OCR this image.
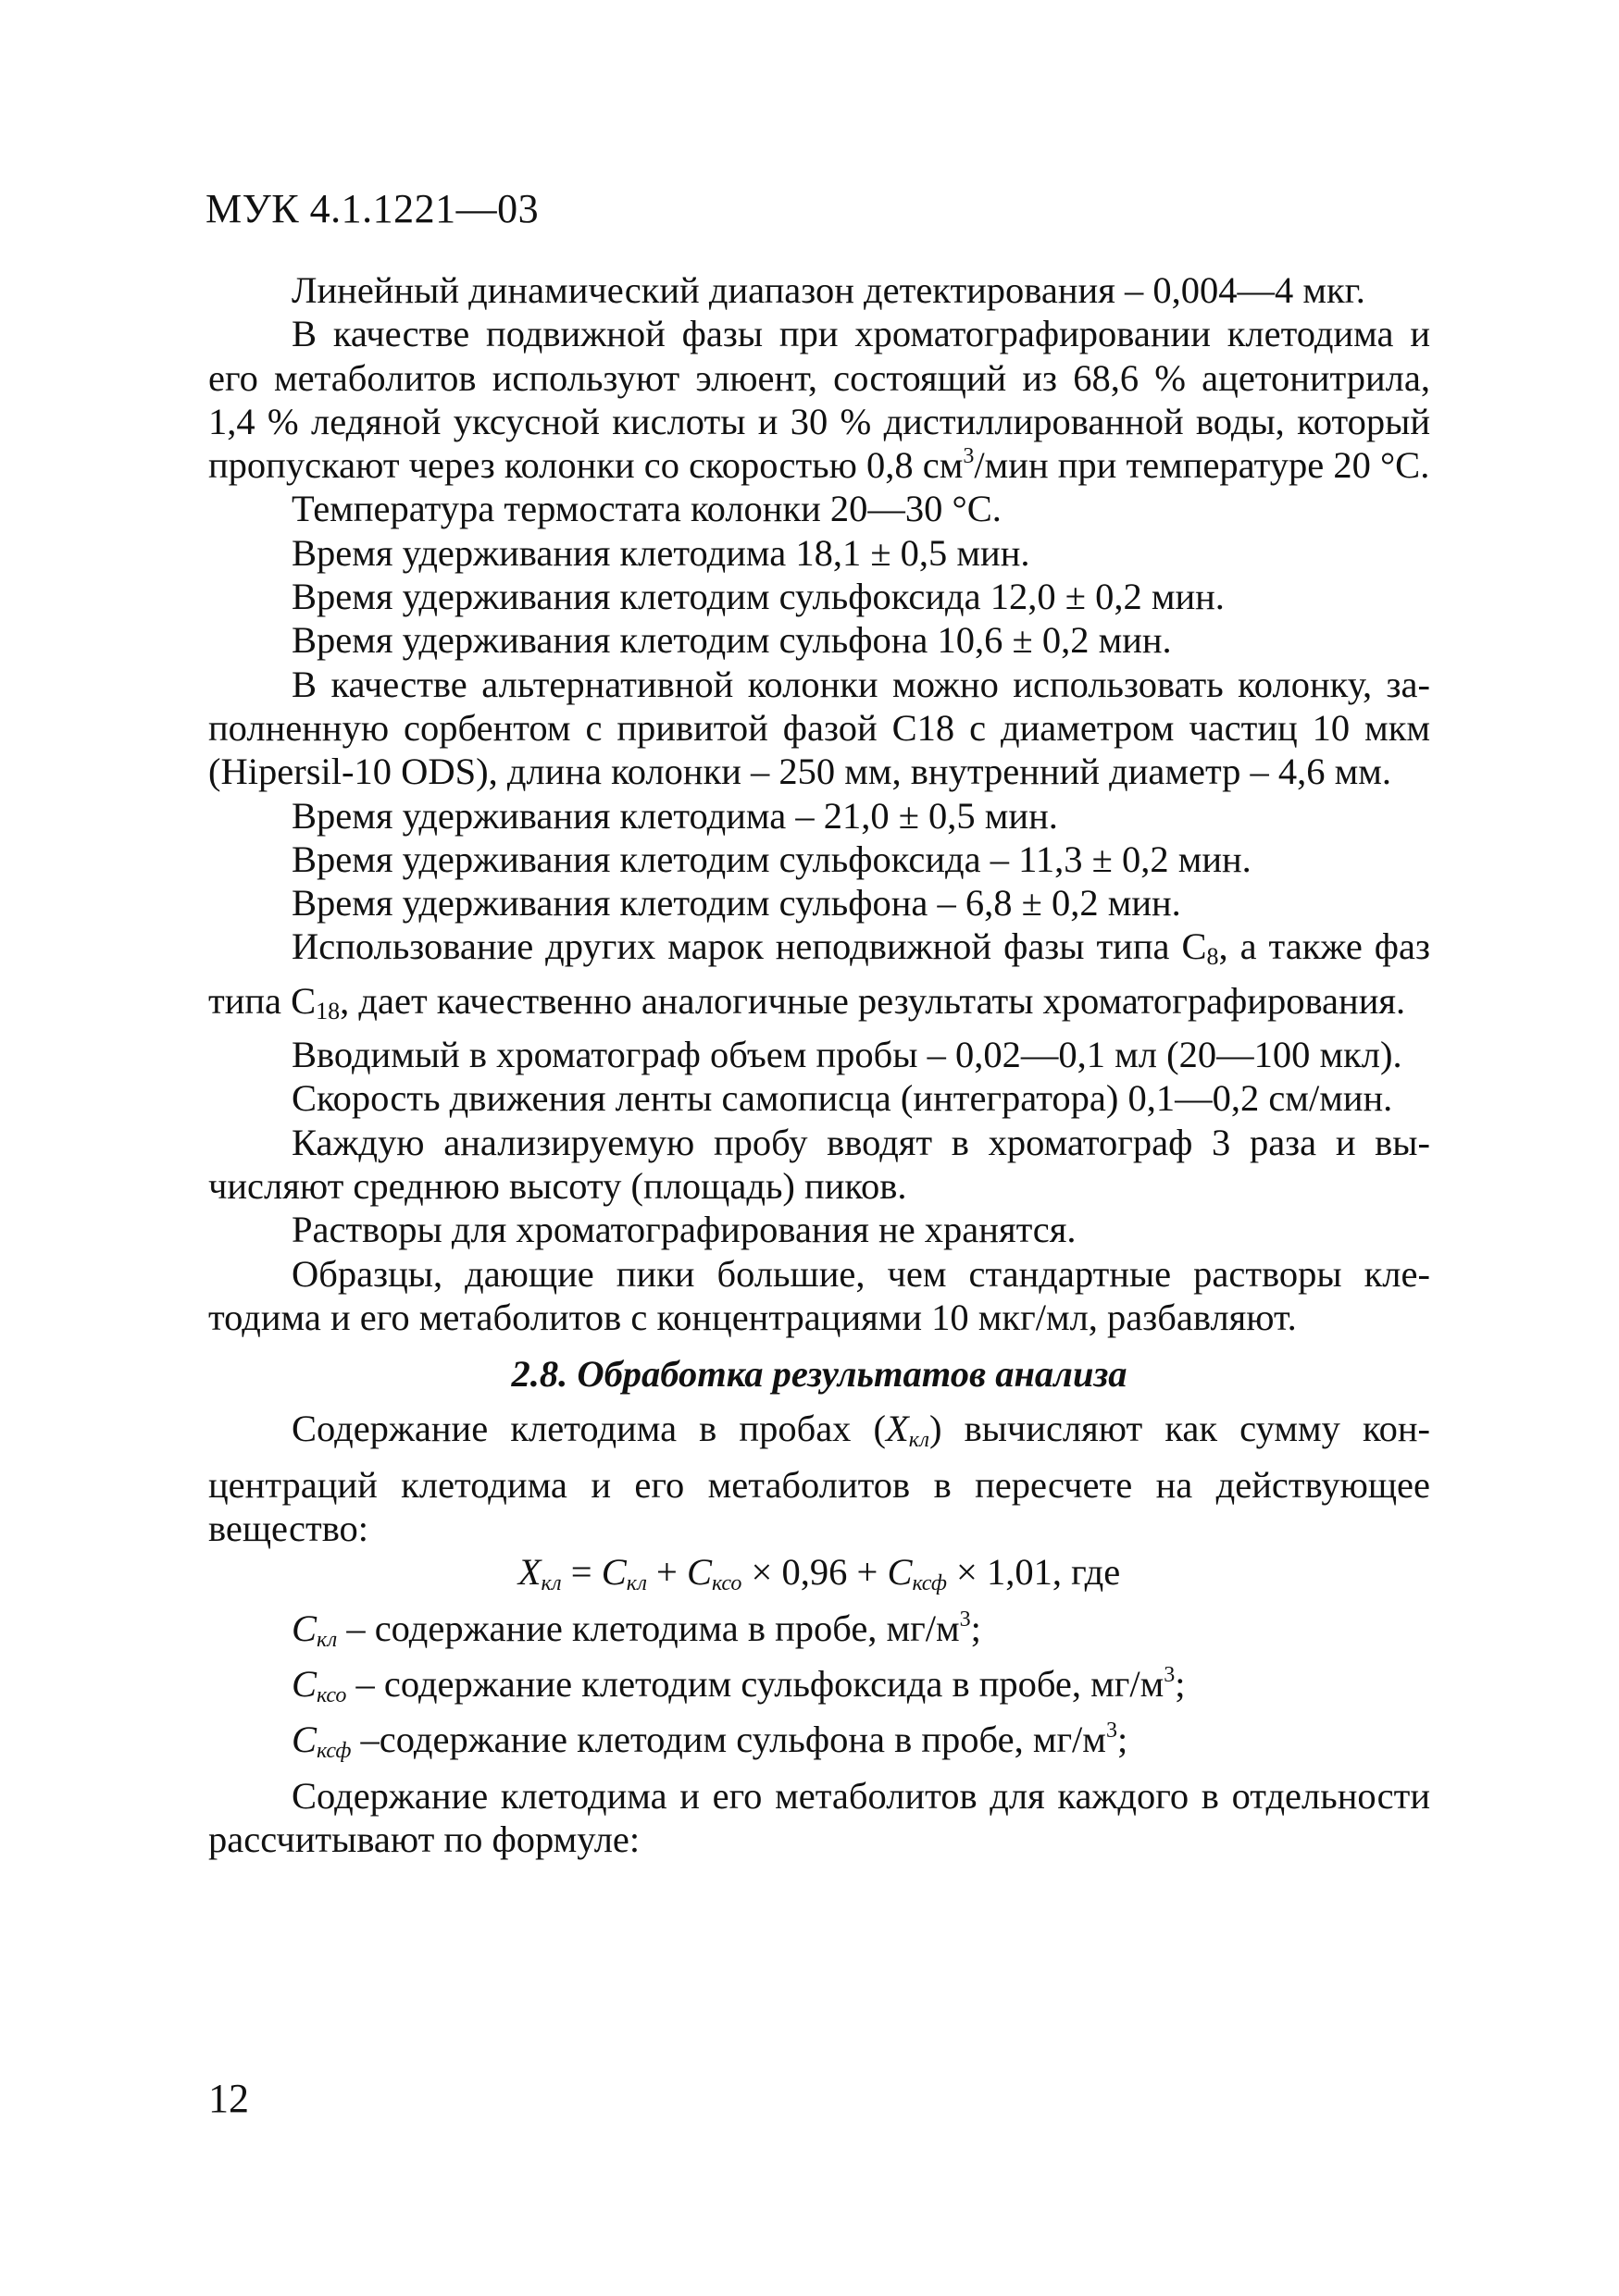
МУК 4.1.1221—03

Линейный динамический диапазон детектирования – 0,004—4 мкг.

В качестве подвижной фазы при хроматографировании клетодима и его метаболитов используют элюент, состоящий из 68,6 % ацетонитрила, 1,4 % ледяной уксусной кислоты и 30 % дистиллированной воды, который пропускают через колонки со скоростью 0,8 $см^3$/мин при температуре 20 °С.

Температура термостата колонки 20—30 °С.

Время удерживания клетодима 18,1 ± 0,5 мин.

Время удерживания клетодим сульфоксида 12,0 ± 0,2 мин.

Время удерживания клетодим сульфона 10,6 ± 0,2 мин.

В качестве альтернативной колонки можно использовать колонку, заполненную сорбентом с привитой фазой С18 с диаметром частиц 10 мкм (Hipersil-10 ODS), длина колонки – 250 мм, внутренний диаметр – 4,6 мм.

Время удерживания клетодима – 21,0 ± 0,5 мин.

Время удерживания клетодим сульфоксида – 11,3 ± 0,2 мин.

Время удерживания клетодим сульфона – 6,8 ± 0,2 мин.

Использование других марок неподвижной фазы типа $С_8$, а также фаз типа $С_{18}$, дает качественно аналогичные результаты хроматографирования.

Вводимый в хроматограф объем пробы – 0,02—0,1 мл (20—100 мкл).

Скорость движения ленты самописца (интегратора) 0,1—0,2 см/мин.

Каждую анализируемую пробу вводят в хроматограф 3 раза и вычисляют среднюю высоту (площадь) пиков.

Растворы для хроматографирования не хранятся.

Образцы, дающие пики большие, чем стандартные растворы клетодима и его метаболитов с концентрациями 10 мкг/мл, разбавляют.

2.8. Обработка результатов анализа

Содержание клетодима в пробах $(X_{кл})$ вычисляют как сумму концентраций клетодима и его метаболитов в пересчете на действующее вещество:

$X_{кл} = C_{кл} + C_{ксо} \times 0,96 + C_{ксф} \times 1,01$, где

$C_{кл}$ – содержание клетодима в пробе, $мг/м^3$;

$C_{ксо}$ – содержание клетодим сульфоксида в пробе, $мг/м^3$;

$C_{ксф}$ –содержание клетодим сульфона в пробе, $мг/м^3$;

Содержание клетодима и его метаболитов для каждого в отдельности рассчитывают по формуле:

12
